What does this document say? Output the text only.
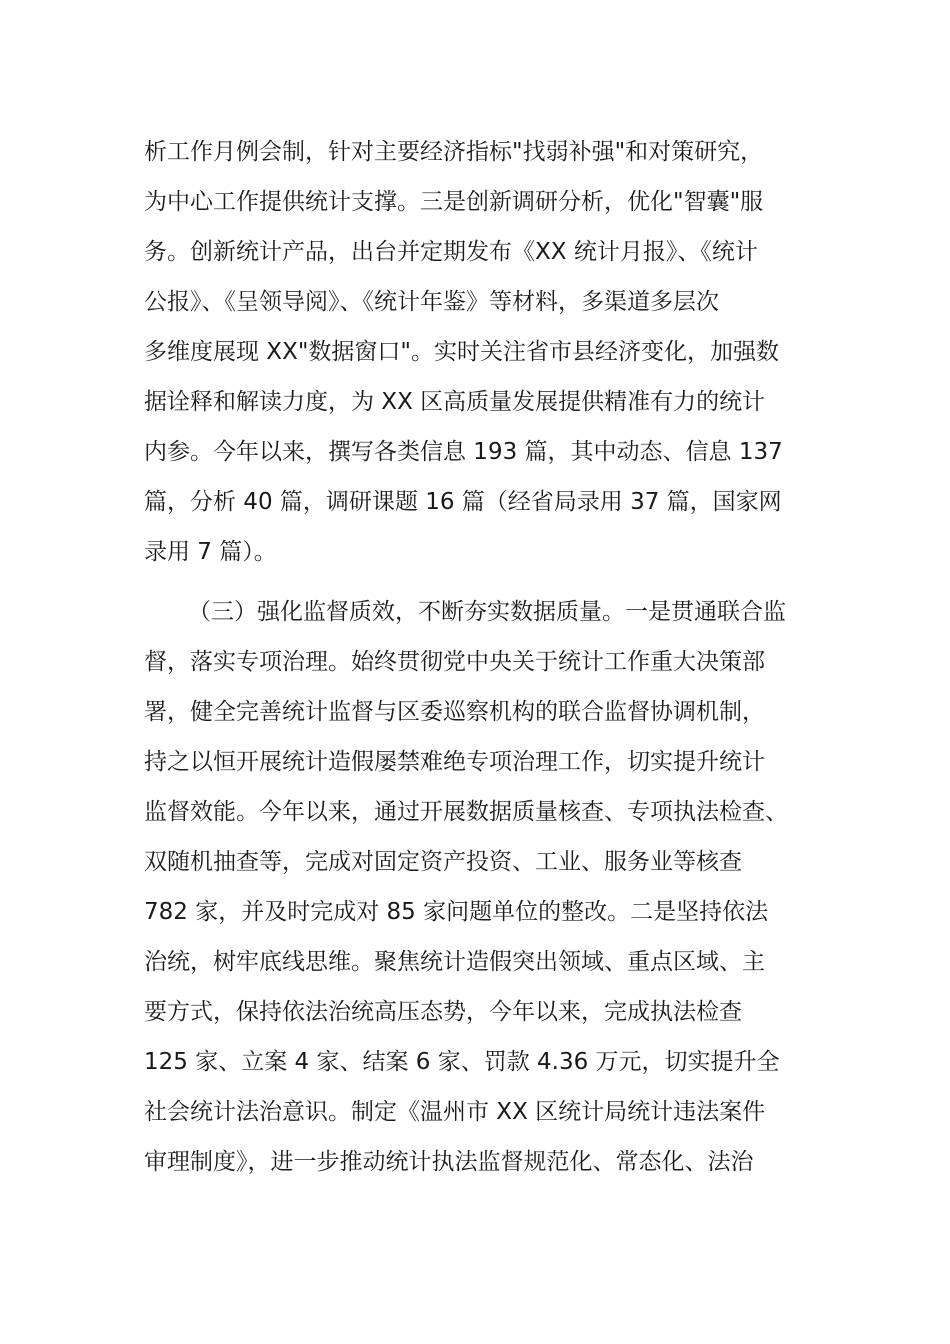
析工作月例会制，针对主要经济指标"找弱补强"和对策研究，
为中心工作提供统计支撑。三是创新调研分析，优化"智囊"服
务。创新统计产品，出台并定期发布《XX 统计月报》、《统计
公报》、《呈领导阅》、《统计年鉴》等材料，多渠道多层次
多维度展现 XX"数据窗口"。实时关注省市县经济变化，加强数
据诠释和解读力度，为 XX 区高质量发展提供精准有力的统计
内参。今年以来，撰写各类信息 193 篇，其中动态、信息 137
篇，分析 40 篇，调研课题 16 篇（经省局录用 37 篇，国家网
录用 7 篇）。
（三）强化监督质效，不断夯实数据质量。一是贯通联合监
督，落实专项治理。始终贯彻党中央关于统计工作重大决策部
署，健全完善统计监督与区委巡察机构的联合监督协调机制，
持之以恒开展统计造假屡禁难绝专项治理工作，切实提升统计
监督效能。今年以来，通过开展数据质量核查、专项执法检查、
双随机抽查等，完成对固定资产投资、工业、服务业等核查
782 家，并及时完成对 85 家问题单位的整改。二是坚持依法
治统，树牢底线思维。聚焦统计造假突出领域、重点区域、主
要方式，保持依法治统高压态势，今年以来，完成执法检查
125 家、立案 4 家、结案 6 家、罚款 4.36 万元，切实提升全
社会统计法治意识。制定《温州市 XX 区统计局统计违法案件
审理制度》，进一步推动统计执法监督规范化、常态化、法治
